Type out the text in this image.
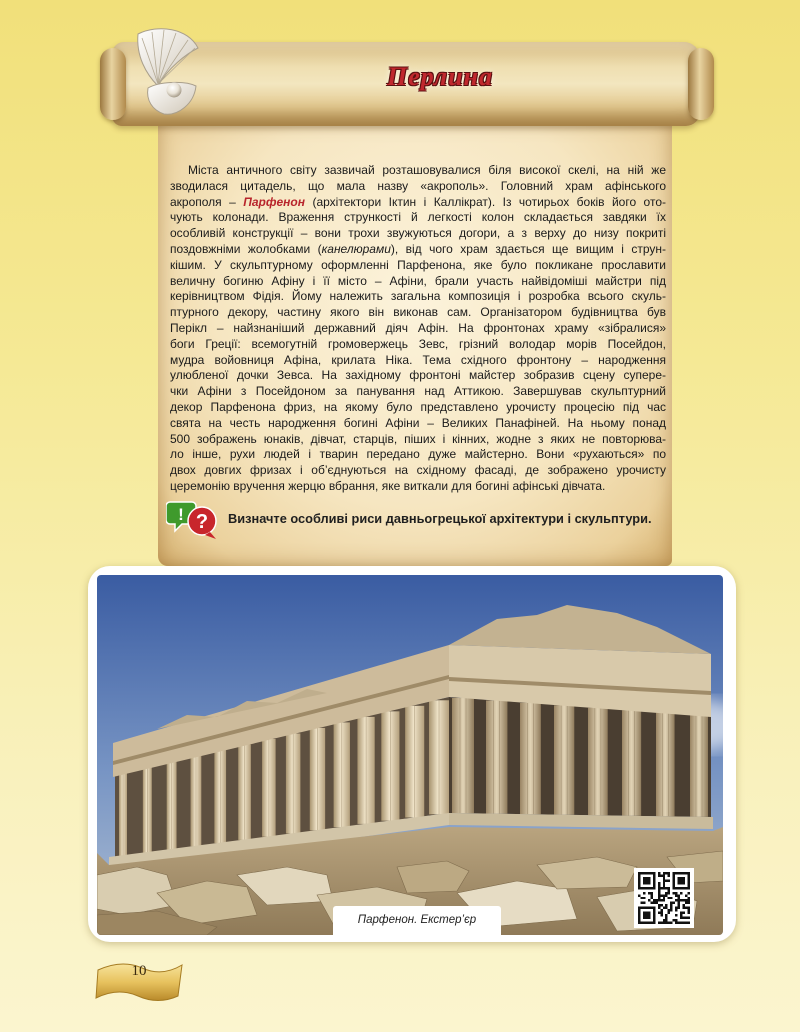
Перлина
Міста античного світу зазвичай розташовувалися біля високої скелі, на ній же
зводилася цитадель, що мала назву «акрополь». Головний храм афінського
акрополя – Парфенон (архітектори Іктин і Каллікрат). Із чотирьох боків його ото-
чують колонади. Враження стрункості й легкості колон складається завдяки їх
особливій конструкції – вони трохи звужуються догори, а з верху до низу покриті
поздовжніми жолобками (канелюрами), від чого храм здається ще вищим і струн-
кішим. У скульптурному оформленні Парфенона, яке було покликане прославити
величну богиню Афіну і її місто – Афіни, брали участь найвідоміші майстри під
керівництвом Фідія. Йому належить загальна композиція і розробка всього скуль-
птурного декору, частину якого він виконав сам. Організатором будівництва був
Перікл – найзнаніший державний діяч Афін. На фронтонах храму «зібралися»
боги Греції: всемогутній громовержець Зевс, грізний володар морів Посейдон,
мудра войовниця Афіна, крилата Ніка. Тема східного фронтону – народження
улюбленої дочки Зевса. На західному фронтоні майстер зобразив сцену супере-
чки Афіни з Посейдоном за панування над Аттикою. Завершував скульптурний
декор Парфенона фриз, на якому було представлено урочисту процесію під час
свята на честь народження богині Афіни – Великих Панафіней. На ньому понад
500 зображень юнаків, дівчат, старців, піших і кінних, жодне з яких не повторюва-
ло інше, рухи людей і тварин передано дуже майстерно. Вони «рухаються» по
двох довгих фризах і об’єднуються на східному фасаді, де зображено урочисту
церемонію вручення жерцю вбрання, яке виткали для богині афінські дівчата.
! ? Визначте особливі риси давньогрецької архітектури і скульптури.
Парфенон. Екстер’єр
10
